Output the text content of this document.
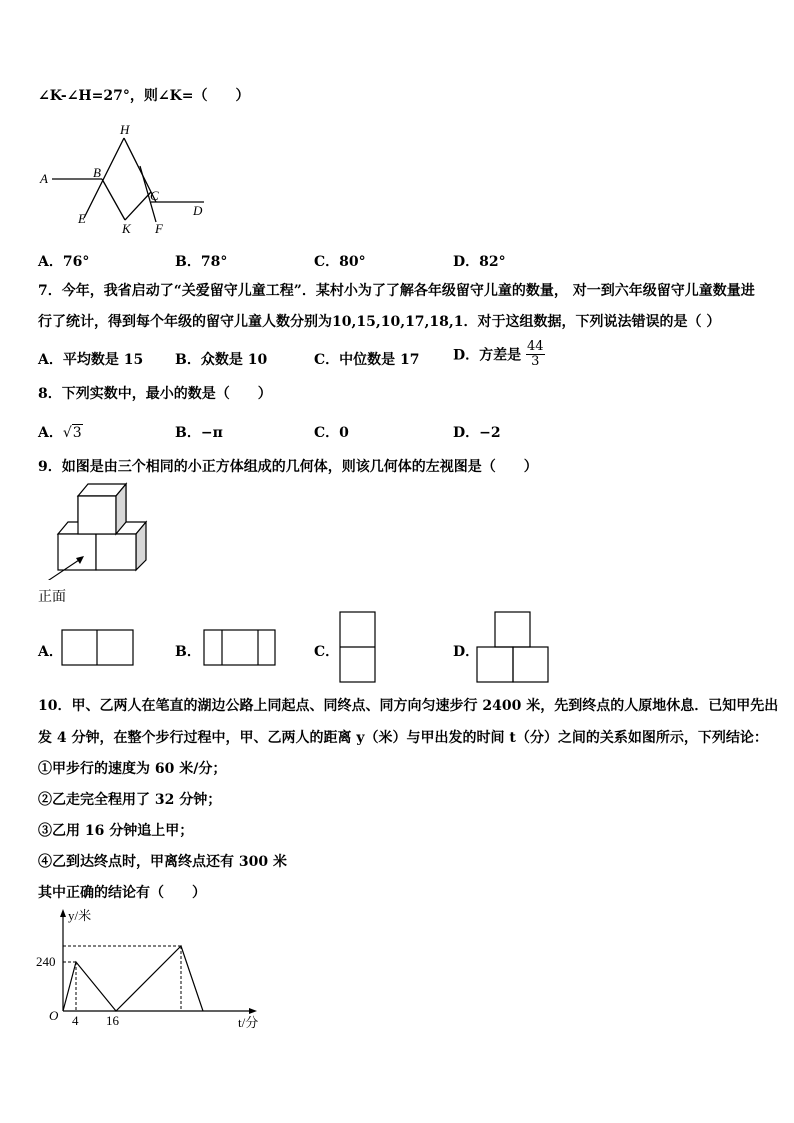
∠K-∠H=27°，则∠K=（　　）
H
A	B
C
D
E
K F
A．76°	B．78°	C．80°	D．82°
7．今年，我省启动了“关爱留守儿童工程”．某村小为了了解各年级留守儿童的数量， 对一到六年级留守儿童数量进
行了统计，得到每个年级的留守儿童人数分别为10,15,10,17,18,1．对于这组数据，下列说法错误的是（ ）
A．平均数是 15 B．众数是 10	C．中位数是 17 D．方差是 $\frac{44}{3}$
8．下列实数中，最小的数是（　　）
A．√3	B．−π	C．0	D．−2
9．如图是由三个相同的小正方体组成的几何体，则该几何体的左视图是（　　）
正面
A．	B．	C．	D．
10．甲、乙两人在笔直的湖边公路上同起点、同终点、同方向匀速步行 2400 米，先到终点的人原地休息．已知甲先出
发 4 分钟，在整个步行过程中，甲、乙两人的距离 y（米）与甲出发的时间 t（分）之间的关系如图所示，下列结论：
①甲步行的速度为 60 米/分；
②乙走完全程用了 32 分钟；
③乙用 16 分钟追上甲；
④乙到达终点时，甲离终点还有 300 米
其中正确的结论有（　　）
y/米
t/分
O
240
4 16
